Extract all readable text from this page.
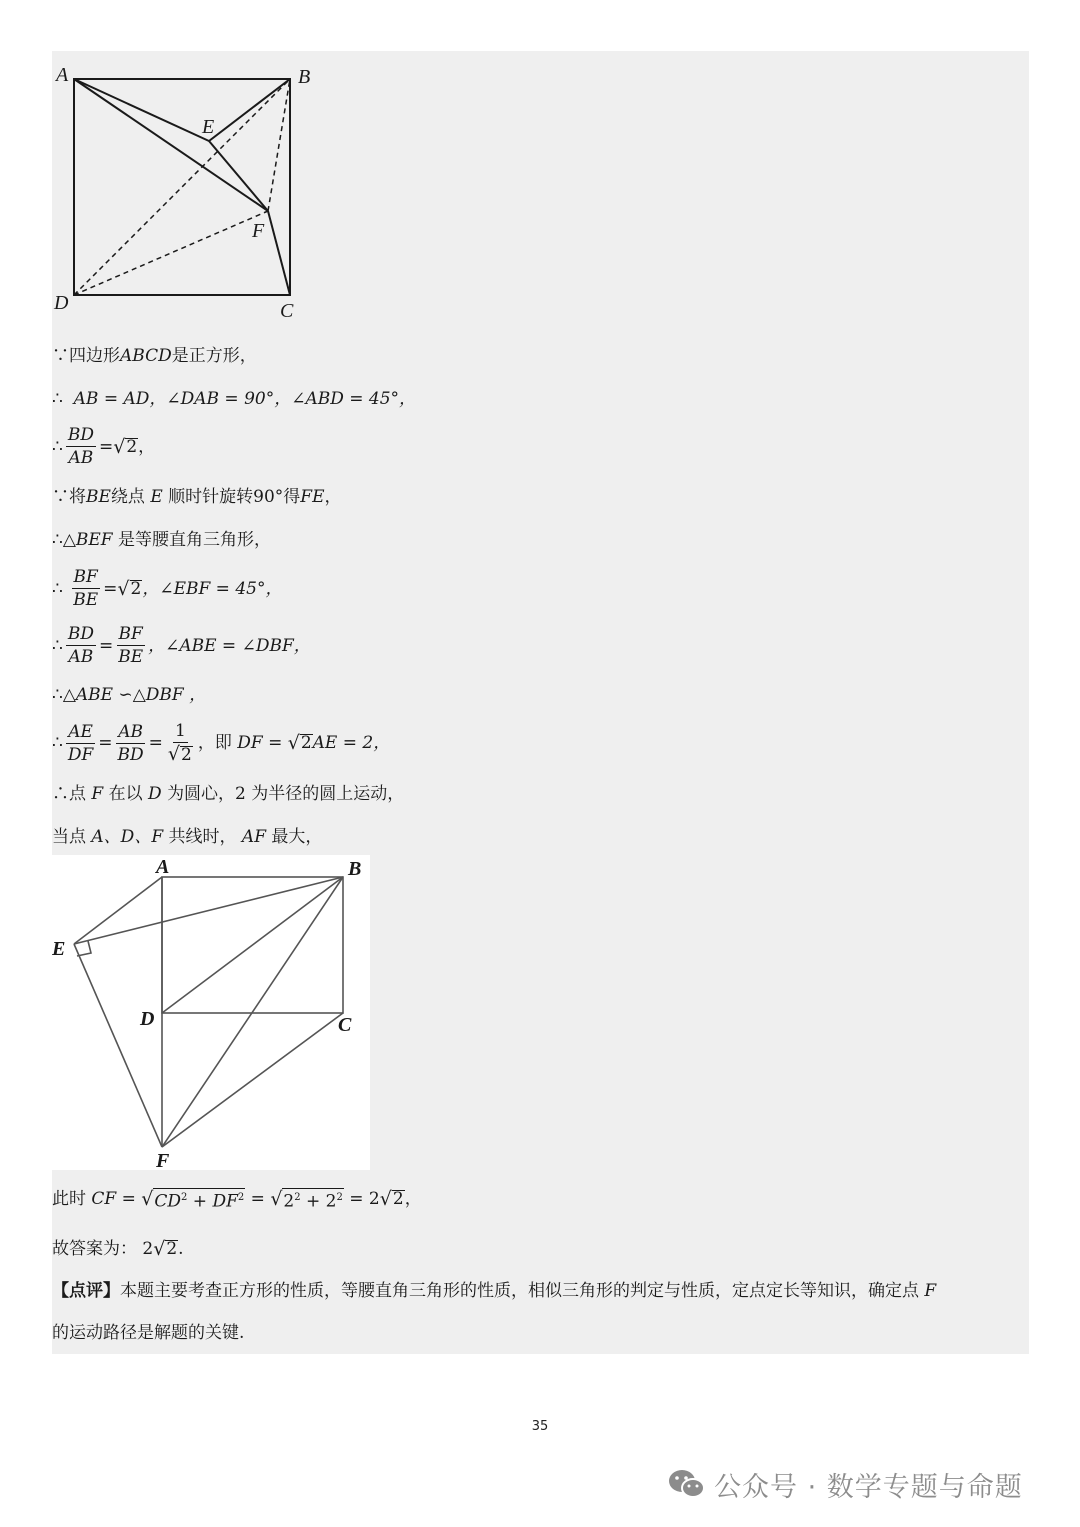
A	B
C
D
E
F
∵四边形 ABCD 是正方形，
∴
AB = AD，∠DAB = 90°，∠ABD = 45°，
∴ $\frac{BD}{AB}$ = √ 2 ，
∵将 BE 绕点
E
顺时针旋转90°得 FE ，
∴△ BEF
是等腰直角三角形，
∴
$\frac{BF}{BE}$ = √ 2 ，∠EBF = 45°，
∴ $\frac{BD}{AB} = \frac{BF}{BE}$ ，∠ABE = ∠DBF，
∴△ ABE ∽△DBF ，
∴ $\frac{AE}{DF} = \frac{AB}{BD} = \frac{1}{√2}$ ，即
DF =
√ 2 AE = 2，
∴点
F
在以
D
为圆心，2 为半径的圆上运动，
当点
A、D、F
共线时，
AF
最大，
A	B
C
D
E
F
此时
CF =
√ $CD^2 + DF^2$
=
√ $2^2 + 2^2$
= 2 √ 2 ，
故答案为：
2 √ 2 .
【点评】 本题主要考查正方形的性质，等腰直角三角形的性质，相似三角形的判定与性质，定点定长等知识，确定点
F
的运动路径是解题的关键.
35
公众号 · 数学专题与命题
